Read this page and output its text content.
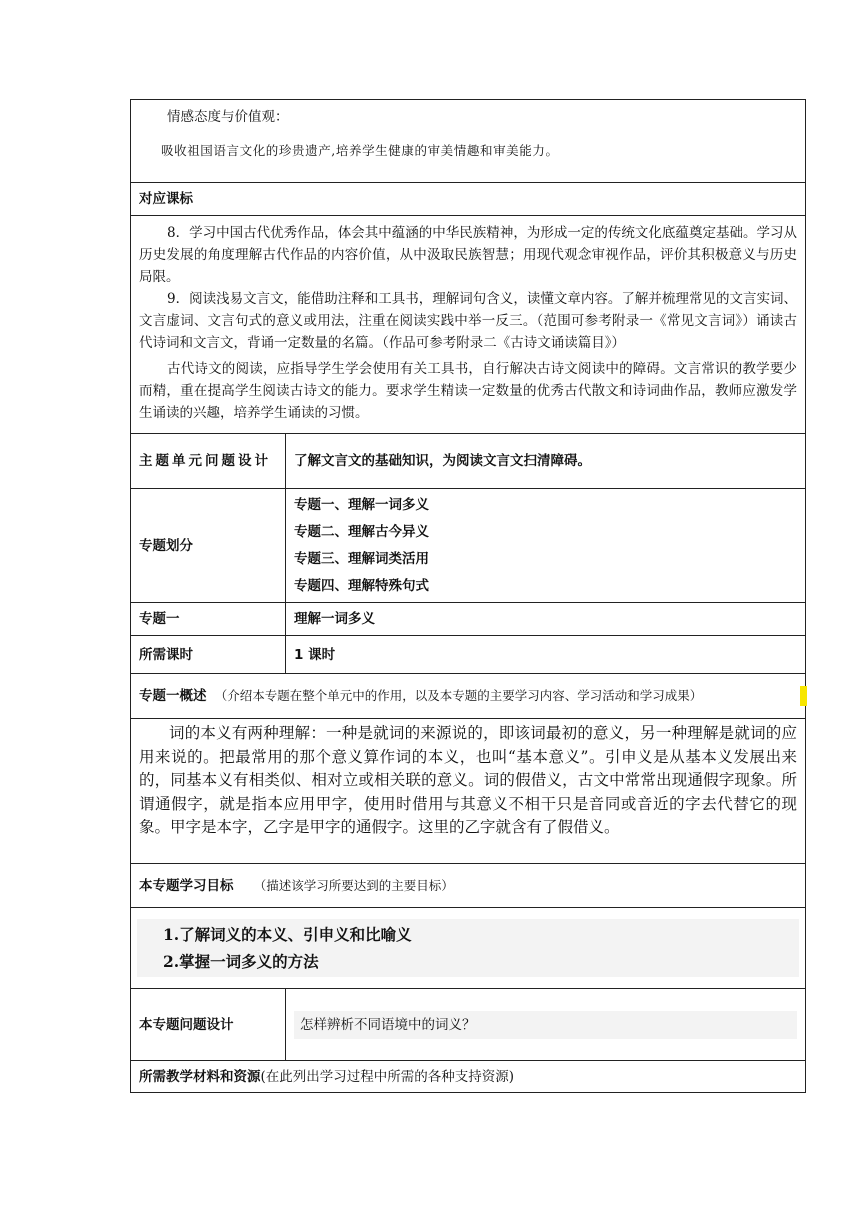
情感态度与价值观：
吸收祖国语言文化的珍贵遗产,培养学生健康的审美情趣和审美能力。	

对应课标	

8．学习中国古代优秀作品，体会其中蕴涵的中华民族精神，为形成一定的传统文化底蕴奠定基础。学习从历史发展的角度理解古代作品的内容价值，从中汲取民族智慧；用现代观念审视作品，评价其积极意义与历史局限。

9．阅读浅易文言文，能借助注释和工具书，理解词句含义，读懂文章内容。了解并梳理常见的文言实词、文言虚词、文言句式的意义或用法，注重在阅读实践中举一反三。（范围可参考附录一《常见文言词》）诵读古代诗词和文言文，背诵一定数量的名篇。（作品可参考附录二《古诗文诵读篇目》）

古代诗文的阅读，应指导学生学会使用有关工具书，自行解决古诗文阅读中的障碍。文言常识的教学要少而精，重在提高学生阅读古诗文的能力。要求学生精读一定数量的优秀古代散文和诗词曲作品，教师应激发学生诵读的兴趣，培养学生诵读的习惯。	

主题单元问题设计	了解文言文的基础知识，为阅读文言文扫清障碍。
专题划分	专题一、理解一词多义

专题二、理解古今异义

专题三、理解词类活用

专题四、理解特殊句式

专题一	理解一词多义
所需课时	1 课时
专题一概述 （介绍本专题在整个单元中的作用，以及本专题的主要学习内容、学习活动和学习成果）	

词的本义有两种理解：一种是就词的来源说的，即该词最初的意义，另一种理解是就词的应用来说的。把最常用的那个意义算作词的本义，也叫“基本意义”。引申义是从基本义发展出来的，同基本义有相类似、相对立或相关联的意义。词的假借义，古文中常常出现通假字现象。所谓通假字，就是指本应用甲字，使用时借用与其意义不相干只是音同或音近的字去代替它的现象。甲字是本字，乙字是甲字的通假字。这里的乙字就含有了假借义。	

本专题学习目标 （描述该学习所要达到的主要目标）	

1.了解词义的本义、引申义和比喻义
2.掌握一词多义的方法	

本专题问题设计	怎样辨析不同语境中的词义？

所需教学材料和资源(在此列出学习过程中所需的各种支持资源)	
